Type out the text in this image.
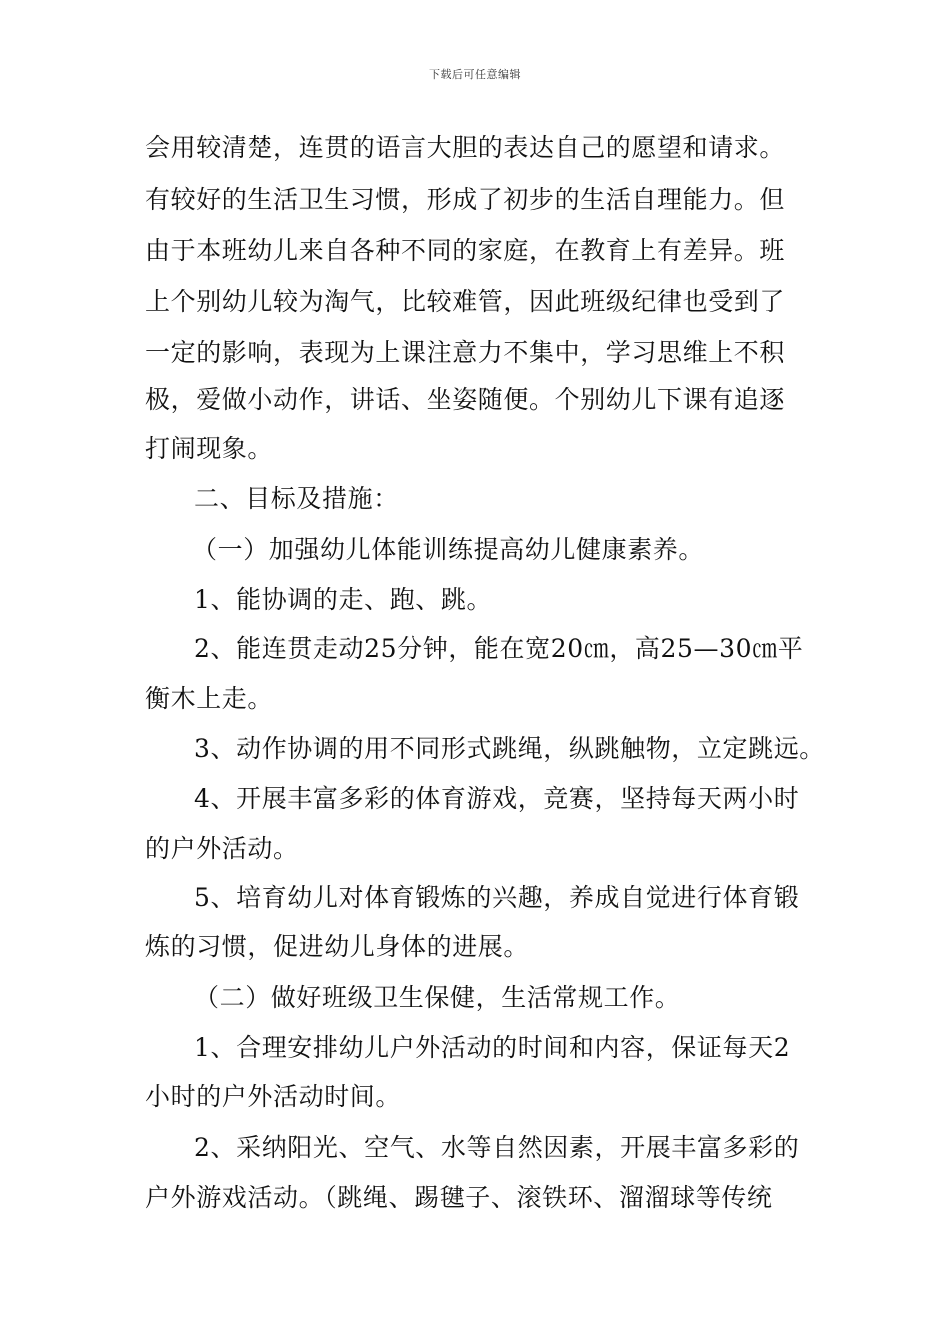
下载后可任意编辑
会用较清楚，连贯的语言大胆的表达自己的愿望和请求。
有较好的生活卫生习惯，形成了初步的生活自理能力。但
由于本班幼儿来自各种不同的家庭，在教育上有差异。班
上个别幼儿较为淘气，比较难管，因此班级纪律也受到了
一定的影响，表现为上课注意力不集中，学习思维上不积
极，爱做小动作，讲话、坐姿随便。个别幼儿下课有追逐
打闹现象。
二、目标及措施：
（一）加强幼儿体能训练提高幼儿健康素养。
1、能协调的走、跑、跳。
2、能连贯走动25分钟，能在宽20㎝，高25—30㎝平
衡木上走。
3、动作协调的用不同形式跳绳，纵跳触物，立定跳远。
4、开展丰富多彩的体育游戏，竞赛，坚持每天两小时
的户外活动。
5、培育幼儿对体育锻炼的兴趣，养成自觉进行体育锻
炼的习惯，促进幼儿身体的进展。
（二）做好班级卫生保健，生活常规工作。
1、合理安排幼儿户外活动的时间和内容，保证每天2
小时的户外活动时间。
2、采纳阳光、空气、水等自然因素，开展丰富多彩的
户外游戏活动。（跳绳、踢毽子、滚铁环、溜溜球等传统
